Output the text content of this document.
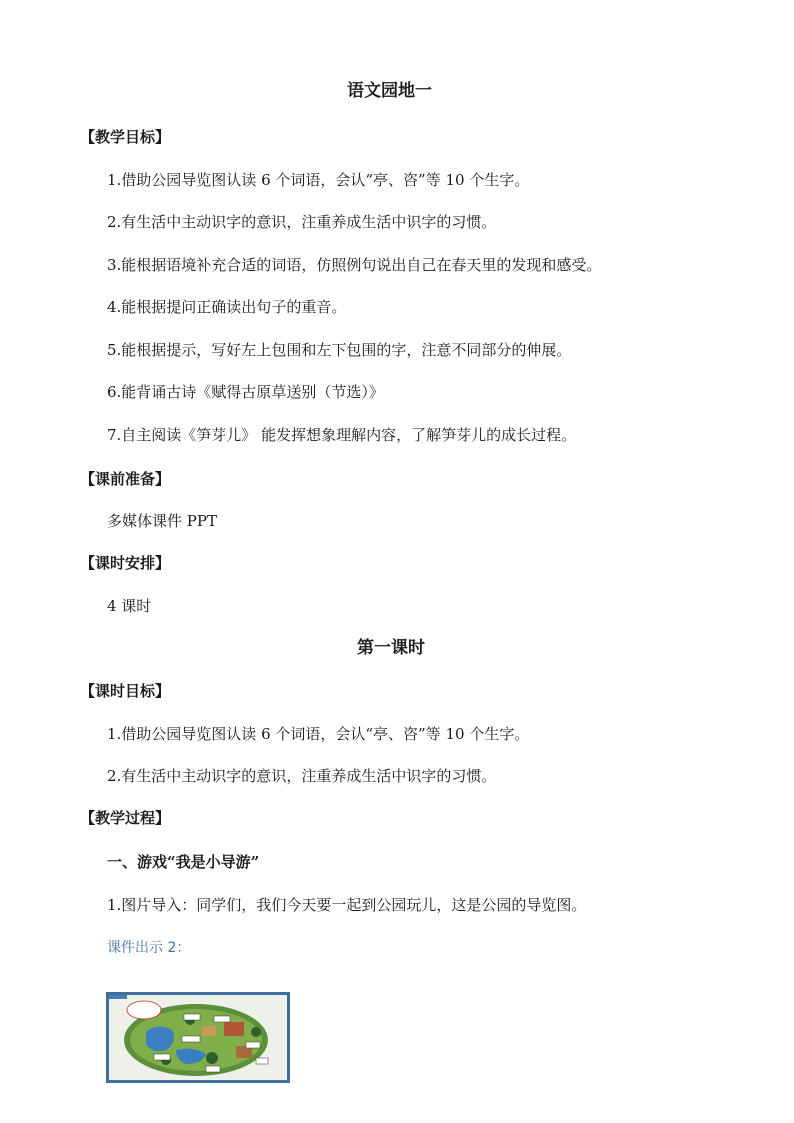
语文园地一
【教学目标】
1.借助公园导览图认读 6 个词语，会认“亭、咨”等 10 个生字。
2.有生活中主动识字的意识，注重养成生活中识字的习惯。
3.能根据语境补充合适的词语，仿照例句说出自己在春天里的发现和感受。
4.能根据提问正确读出句子的重音。
5.能根据提示，写好左上包围和左下包围的字，注意不同部分的伸展。
6.能背诵古诗《赋得古原草送别（节选）》
7.自主阅读《笋芽儿》 能发挥想象理解内容，了解笋芽儿的成长过程。
【课前准备】
多媒体课件 PPT
【课时安排】
4 课时
第一课时
【课时目标】
1.借助公园导览图认读 6 个词语，会认“亭、咨”等 10 个生字。
2.有生活中主动识字的意识，注重养成生活中识字的习惯。
【教学过程】
一、游戏“我是小导游”
1.图片导入：同学们，我们今天要一起到公园玩儿，这是公园的导览图。
课件出示 2：
